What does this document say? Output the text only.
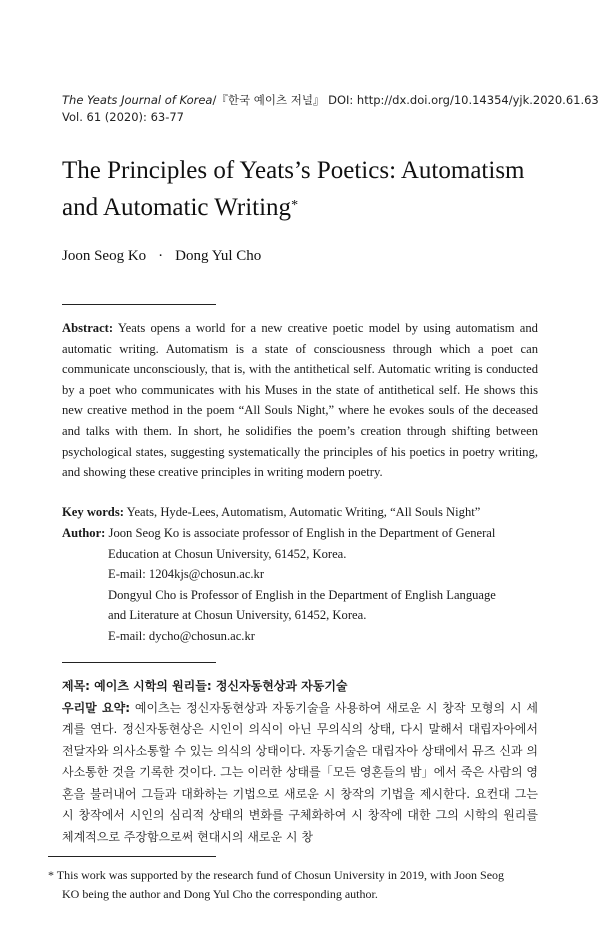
The Yeats Journal of Korea/『한국 예이츠 저널』 DOI: http://dx.doi.org/10.14354/yjk.2020.61.63
Vol. 61 (2020): 63-77
The Principles of Yeats’s Poetics: Automatism
and Automatic Writing*
Joon Seog Ko · Dong Yul Cho
Abstract: Yeats opens a world for a new creative poetic model by using automatism and automatic writing. Automatism is a state of consciousness through which a poet can communicate unconsciously, that is, with the antithetical self. Automatic writing is conducted by a poet who communicates with his Muses in the state of antithetical self. He shows this new creative method in the poem “All Souls Night,” where he evokes souls of the deceased and talks with them. In short, he solidifies the poem’s creation through shifting between psychological states, suggesting systematically the principles of his poetics in poetry writing, and showing these creative principles in writing modern poetry.
Key words: Yeats, Hyde-Lees, Automatism, Automatic Writing, “All Souls Night”
Author: Joon Seog Ko is associate professor of English in the Department of General
Education at Chosun University, 61452, Korea.
E-mail: 1204kjs@chosun.ac.kr
Dongyul Cho is Professor of English in the Department of English Language
and Literature at Chosun University, 61452, Korea.
E-mail: dycho@chosun.ac.kr
제목: 예이츠 시학의 원리들: 정신자동현상과 자동기술
우리말 요약: 예이츠는 정신자동현상과 자동기술을 사용하여 새로운 시 창작 모형의 시 세계를 연다. 정신자동현상은 시인이 의식이 아닌 무의식의 상태, 다시 말해서 대립자아에서 전달자와 의사소통할 수 있는 의식의 상태이다. 자동기술은 대립자아 상태에서 뮤즈 신과 의사소통한 것을 기록한 것이다. 그는 이러한 상태를「모든 영혼들의 밤」에서 죽은 사람의 영혼을 불러내어 그들과 대화하는 기법으로 새로운 시 창작의 기법을 제시한다. 요컨대 그는 시 창작에서 시인의 심리적 상태의 변화를 구체화하여 시 창작에 대한 그의 시학의 원리를 체계적으로 주장함으로써 현대시의 새로운 시 창
* This work was supported by the research fund of Chosun University in 2019, with Joon Seog
KO being the author and Dong Yul Cho the corresponding author.
